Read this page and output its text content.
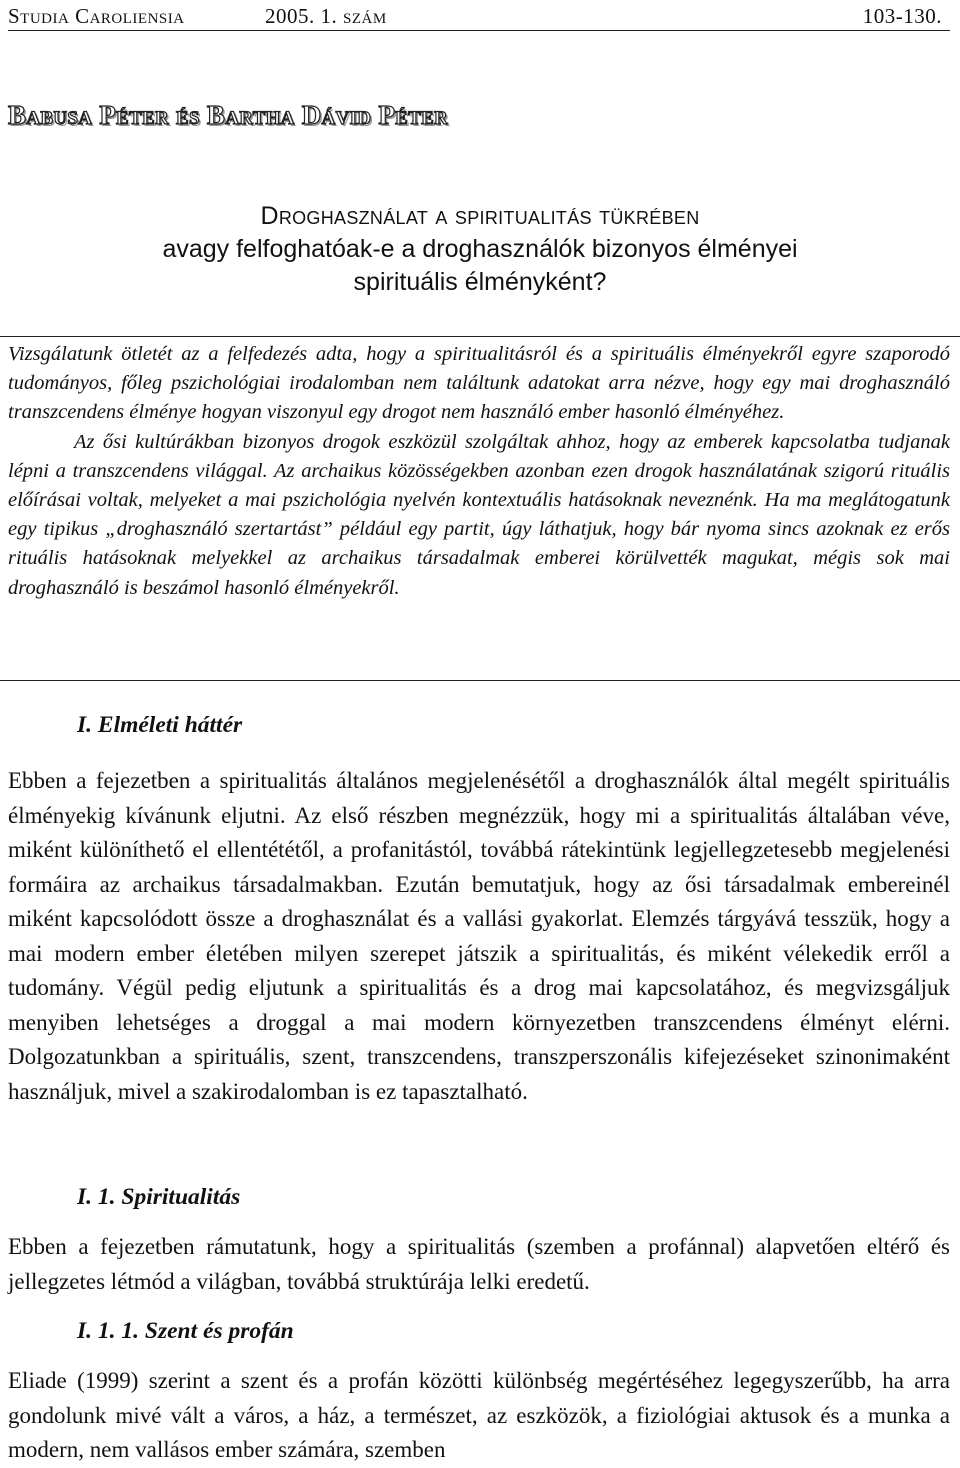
Studia Caroliensia	2005. 1. szám	103-130.
Babusa Péter és Bartha Dávid Péter
Droghasználat a spiritualitás tükrében
avagy felfoghatóak-e a droghasználók bizonyos élményei
spirituális élményként?

Vizsgálatunk ötletét az a felfedezés adta, hogy a spiritualitásról és a spirituális élményekről egyre szaporodó tudományos, főleg pszichológiai irodalomban nem találtunk adatokat arra nézve, hogy egy mai droghasználó transzcendens élménye hogyan viszonyul egy drogot nem használó ember hasonló élményéhez.

Az ősi kultúrákban bizonyos drogok eszközül szolgáltak ahhoz, hogy az emberek kapcsolatba tudjanak lépni a transzcendens világgal. Az archaikus közösségekben azonban ezen drogok használatának szigorú rituális előírásai voltak, melyeket a mai pszichológia nyelvén kontextuális hatásoknak neveznénk. Ha ma meglátogatunk egy tipikus „droghasználó szertartást” például egy partit, úgy láthatjuk, hogy bár nyoma sincs azoknak ez erős rituális hatásoknak melyekkel az archaikus társadalmak emberei körülvették magukat, mégis sok mai droghasználó is beszámol hasonló élményekről.

I. Elméleti háttér

Ebben a fejezetben a spiritualitás általános megjelenésétől a droghasználók által megélt spirituális élményekig kívánunk eljutni. Az első részben megnézzük, hogy mi a spiritualitás általában véve, miként különíthető el ellentététől, a profanitástól, továbbá rátekintünk legjellegzetesebb megjelenési formáira az archaikus társadalmakban. Ezután bemutatjuk, hogy az ősi társadalmak embereinél miként kapcsolódott össze a droghasználat és a vallási gyakorlat. Elemzés tárgyává tesszük, hogy a mai modern ember életében milyen szerepet játszik a spiritualitás, és miként vélekedik erről a tudomány. Végül pedig eljutunk a spiritualitás és a drog mai kapcsolatához, és megvizsgáljuk menyiben lehetséges a droggal a mai modern környezetben transzcendens élményt elérni. Dolgozatunkban a spirituális, szent, transzcendens, transzperszonális kifejezéseket szinonimaként használjuk, mivel a szakirodalomban is ez tapasztalható.

I. 1. Spiritualitás

Ebben a fejezetben rámutatunk, hogy a spiritualitás (szemben a profánnal) alapvetően eltérő és jellegzetes létmód a világban, továbbá struktúrája lelki eredetű.

I. 1. 1. Szent és profán

Eliade (1999) szerint a szent és a profán közötti különbség megértéséhez legegyszerűbb, ha arra gondolunk mivé vált a város, a ház, a természet, az eszközök, a fiziológiai aktusok és a munka a modern, nem vallásos ember számára, szemben
